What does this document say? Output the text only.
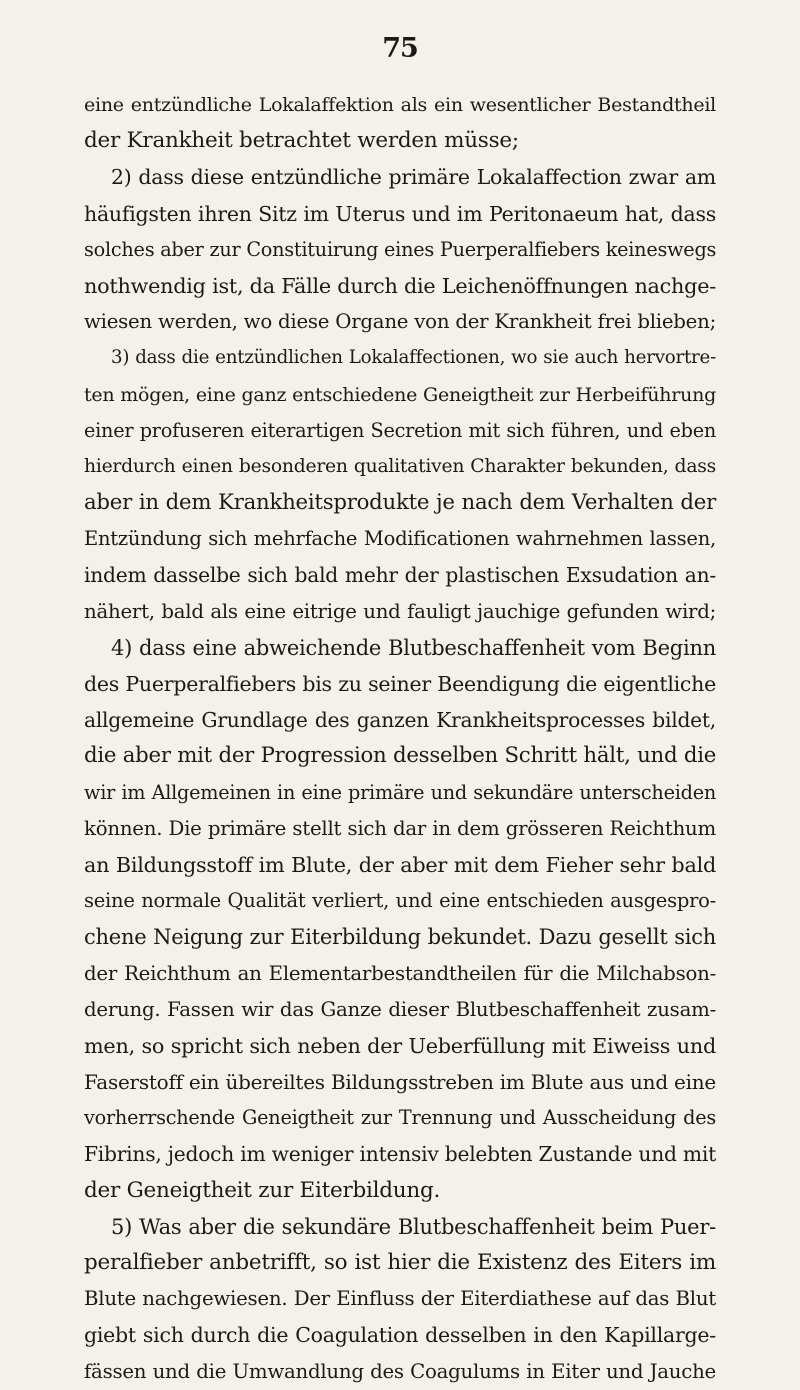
75
eine entzündliche Lokalaffektion als ein wesentlicher Bestandtheil
der Krankheit betrachtet werden müsse;
2) dass diese entzündliche primäre Lokalaffection zwar am
häufigsten ihren Sitz im Uterus und im Peritonaeum hat, dass
solches aber zur Constituirung eines Puerperalfiebers keineswegs
nothwendig ist, da Fälle durch die Leichenöffnungen nachge-
wiesen werden, wo diese Organe von der Krankheit frei blieben;
3) dass die entzündlichen Lokalaffectionen, wo sie auch hervortre-
ten mögen, eine ganz entschiedene Geneigtheit zur Herbeiführung
einer profuseren eiterartigen Secretion mit sich führen, und eben
hierdurch einen besonderen qualitativen Charakter bekunden, dass
aber in dem Krankheitsprodukte je nach dem Verhalten der
Entzündung sich mehrfache Modificationen wahrnehmen lassen,
indem dasselbe sich bald mehr der plastischen Exsudation an-
nähert, bald als eine eitrige und fauligt jauchige gefunden wird;
4) dass eine abweichende Blutbeschaffenheit vom Beginn
des Puerperalfiebers bis zu seiner Beendigung die eigentliche
allgemeine Grundlage des ganzen Krankheitsprocesses bildet,
die aber mit der Progression desselben Schritt hält, und die
wir im Allgemeinen in eine primäre und sekundäre unterscheiden
können. Die primäre stellt sich dar in dem grösseren Reichthum
an Bildungsstoff im Blute, der aber mit dem Fieher sehr bald
seine normale Qualität verliert, und eine entschieden ausgespro-
chene Neigung zur Eiterbildung bekundet. Dazu gesellt sich
der Reichthum an Elementarbestandtheilen für die Milchabson-
derung. Fassen wir das Ganze dieser Blutbeschaffenheit zusam-
men, so spricht sich neben der Ueberfüllung mit Eiweiss und
Faserstoff ein übereiltes Bildungsstreben im Blute aus und eine
vorherrschende Geneigtheit zur Trennung und Ausscheidung des
Fibrins, jedoch im weniger intensiv belebten Zustande und mit
der Geneigtheit zur Eiterbildung.
5) Was aber die sekundäre Blutbeschaffenheit beim Puer-
peralfieber anbetrifft, so ist hier die Existenz des Eiters im
Blute nachgewiesen. Der Einfluss der Eiterdiathese auf das Blut
giebt sich durch die Coagulation desselben in den Kapillarge-
fässen und die Umwandlung des Coagulums in Eiter und Jauche
